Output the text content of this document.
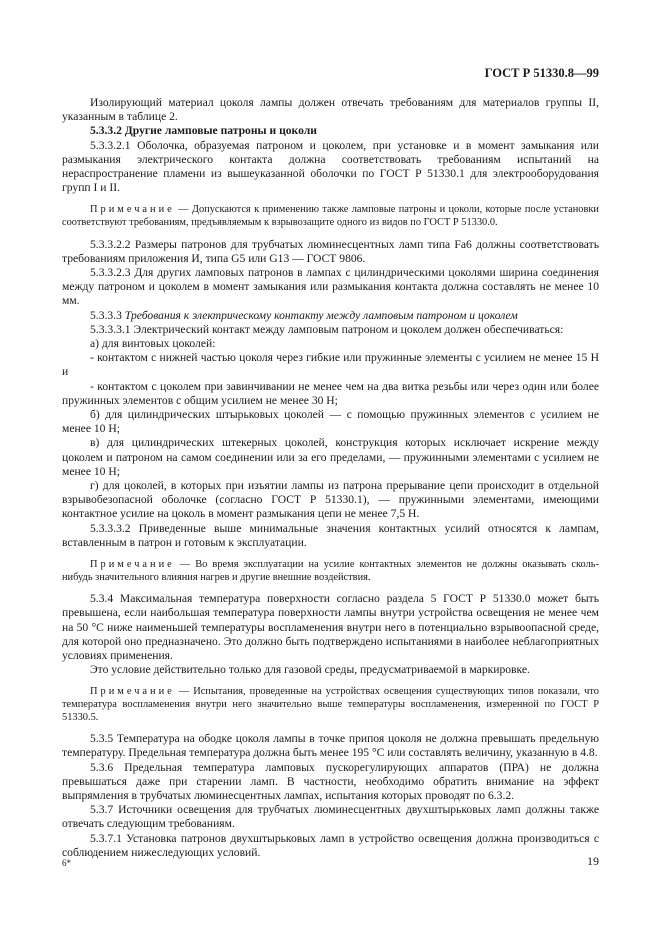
ГОСТ Р 51330.8—99

Изолирующий материал цоколя лампы должен отвечать требованиям для материалов группы II, указанным в таблице 2.

5.3.3.2 Другие ламповые патроны и цоколи

5.3.3.2.1 Оболочка, образуемая патроном и цоколем, при установке и в момент замыкания или размыкания электрического контакта должна соответствовать требованиям испытаний на нераспространение пламени из вышеуказанной оболочки по ГОСТ Р 51330.1 для электрооборудования групп I и II.

Примечание — Допускаются к применению также ламповые патроны и цоколи, которые после установки соответствуют требованиям, предъявляемым к взрывозащите одного из видов по ГОСТ Р 51330.0.

5.3.3.2.2 Размеры патронов для трубчатых люминесцентных ламп типа Fa6 должны соответствовать требованиям приложения И, типа G5 или G13 — ГОСТ 9806.

5.3.3.2.3 Для других ламповых патронов в лампах с цилиндрическими цоколями ширина соединения между патроном и цоколем в момент замыкания или размыкания контакта должна составлять не менее 10 мм.

5.3.3.3 Требования к электрическому контакту между ламповым патроном и цоколем

5.3.3.3.1 Электрический контакт между ламповым патроном и цоколем должен обеспечиваться:

а) для винтовых цоколей:

- контактом с нижней частью цоколя через гибкие или пружинные элементы с усилием не менее 15 Н и

- контактом с цоколем при завинчивании не менее чем на два витка резьбы или через один или более пружинных элементов с общим усилием не менее 30 Н;

б) для цилиндрических штырьковых цоколей — с помощью пружинных элементов с усилием не менее 10 Н;

в) для цилиндрических штекерных цоколей, конструкция которых исключает искрение между цоколем и патроном на самом соединении или за его пределами, — пружинными элементами с усилием не менее 10 Н;

г) для цоколей, в которых при изъятии лампы из патрона прерывание цепи происходит в отдельной взрывобезопасной оболочке (согласно ГОСТ Р 51330.1), — пружинными элементами, имеющими контактное усилие на цоколь в момент размыкания цепи не менее 7,5 Н.

5.3.3.3.2 Приведенные выше минимальные значения контактных усилий относятся к лампам, вставленным в патрон и готовым к эксплуатации.

Примечание — Во время эксплуатации на усилие контактных элементов не должны оказывать сколь-нибудь значительного влияния нагрев и другие внешние воздействия.

5.3.4 Максимальная температура поверхности согласно раздела 5 ГОСТ Р 51330.0 может быть превышена, если наибольшая температура поверхности лампы внутри устройства освещения не менее чем на 50 °С ниже наименьшей температуры воспламенения внутри него в потенциально взрывоопасной среде, для которой оно предназначено. Это должно быть подтверждено испытаниями в наиболее неблагоприятных условиях применения.

Это условие действительно только для газовой среды, предусматриваемой в маркировке.

Примечание — Испытания, проведенные на устройствах освещения существующих типов показали, что температура воспламенения внутри него значительно выше температуры воспламенения, измеренной по ГОСТ Р 51330.5.

5.3.5 Температура на ободке цоколя лампы в точке припоя цоколя не должна превышать предельную температуру. Предельная температура должна быть менее 195 °С или составлять величину, указанную в 4.8.

5.3.6 Предельная температура ламповых пускорегулирующих аппаратов (ПРА) не должна превышаться даже при старении ламп. В частности, необходимо обратить внимание на эффект выпрямления в трубчатых люминесцентных лампах, испытания которых проводят по 6.3.2.

5.3.7 Источники освещения для трубчатых люминесцентных двухштырьковых ламп должны также отвечать следующим требованиям.

5.3.7.1 Установка патронов двухштырьковых ламп в устройство освещения должна производиться с соблюдением нижеследующих условий.

6*	19
